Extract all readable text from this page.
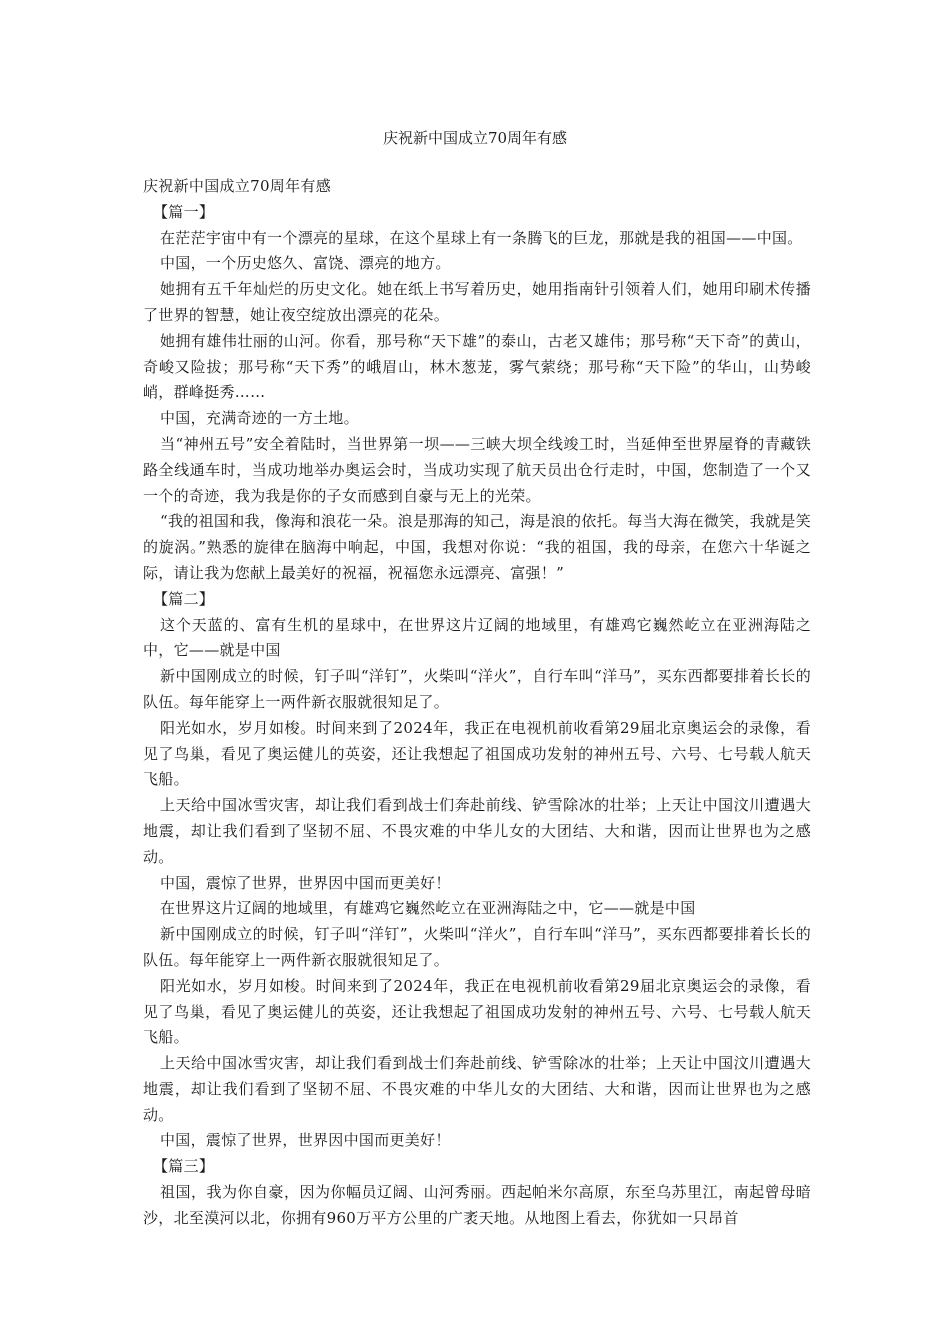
庆祝新中国成立70周年有感

庆祝新中国成立70周年有感

【篇一】

在茫茫宇宙中有一个漂亮的星球，在这个星球上有一条腾飞的巨龙，那就是我的祖国——中国。

中国，一个历史悠久、富饶、漂亮的地方。

她拥有五千年灿烂的历史文化。她在纸上书写着历史，她用指南针引领着人们，她用印刷术传播了世界的智慧，她让夜空绽放出漂亮的花朵。

她拥有雄伟壮丽的山河。你看，那号称“天下雄”的泰山，古老又雄伟；那号称“天下奇”的黄山，奇峻又险拔；那号称“天下秀”的峨眉山，林木葱茏，雾气萦绕；那号称“天下险”的华山，山势峻峭，群峰挺秀……

中国，充满奇迹的一方土地。

当“神州五号”安全着陆时，当世界第一坝——三峡大坝全线竣工时，当延伸至世界屋脊的青藏铁路全线通车时，当成功地举办奥运会时，当成功实现了航天员出仓行走时，中国，您制造了一个又一个的奇迹，我为我是你的子女而感到自豪与无上的光荣。

“我的祖国和我，像海和浪花一朵。浪是那海的知己，海是浪的依托。每当大海在微笑，我就是笑的旋涡。”熟悉的旋律在脑海中响起，中国，我想对你说：“我的祖国，我的母亲，在您六十华诞之际，请让我为您献上最美好的祝福，祝福您永远漂亮、富强！”

【篇二】

这个天蓝的、富有生机的星球中，在世界这片辽阔的地域里，有雄鸡它巍然屹立在亚洲海陆之中，它——就是中国

新中国刚成立的时候，钉子叫“洋钉”，火柴叫“洋火”，自行车叫“洋马”，买东西都要排着长长的队伍。每年能穿上一两件新衣服就很知足了。

阳光如水，岁月如梭。时间来到了2024年，我正在电视机前收看第29届北京奥运会的录像，看见了鸟巢，看见了奥运健儿的英姿，还让我想起了祖国成功发射的神州五号、六号、七号载人航天飞船。

上天给中国冰雪灾害，却让我们看到战士们奔赴前线、铲雪除冰的壮举；上天让中国汶川遭遇大地震，却让我们看到了坚韧不屈、不畏灾难的中华儿女的大团结、大和谐，因而让世界也为之感动。

中国，震惊了世界，世界因中国而更美好！

在世界这片辽阔的地域里，有雄鸡它巍然屹立在亚洲海陆之中，它——就是中国

新中国刚成立的时候，钉子叫“洋钉”，火柴叫“洋火”，自行车叫“洋马”，买东西都要排着长长的队伍。每年能穿上一两件新衣服就很知足了。

阳光如水，岁月如梭。时间来到了2024年，我正在电视机前收看第29届北京奥运会的录像，看见了鸟巢，看见了奥运健儿的英姿，还让我想起了祖国成功发射的神州五号、六号、七号载人航天飞船。

上天给中国冰雪灾害，却让我们看到战士们奔赴前线、铲雪除冰的壮举；上天让中国汶川遭遇大地震，却让我们看到了坚韧不屈、不畏灾难的中华儿女的大团结、大和谐，因而让世界也为之感动。

中国，震惊了世界，世界因中国而更美好！

【篇三】

祖国，我为你自豪，因为你幅员辽阔、山河秀丽。西起帕米尔高原，东至乌苏里江，南起曾母暗沙，北至漠河以北，你拥有960万平方公里的广袤天地。从地图上看去，你犹如一只昂首
